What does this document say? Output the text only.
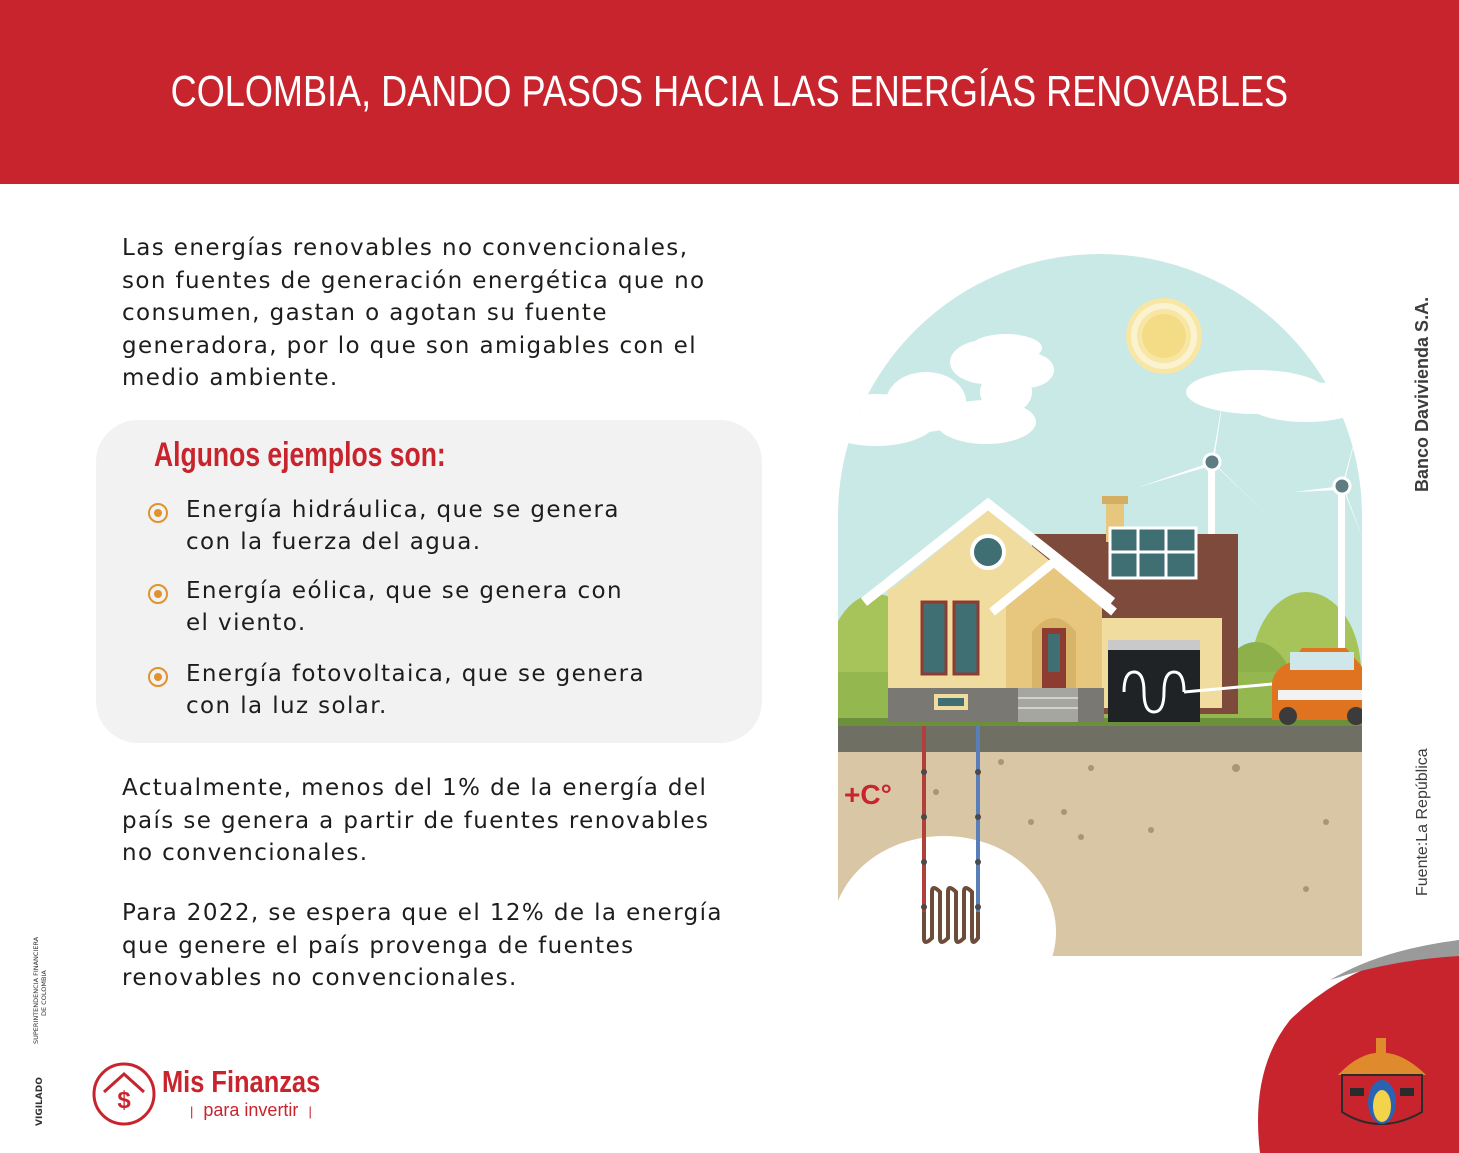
COLOMBIA, DANDO PASOS HACIA LAS ENERGÍAS RENOVABLES

Las energías renovables no convencionales,
son fuentes de generación energética que no
consumen, gastan o agotan su fuente
generadora, por lo que son amigables con el
medio ambiente.

Algunos ejemplos son:
Energía hidráulica, que se genera
con la fuerza del agua.
Energía eólica, que se genera con
el viento.
Energía fotovoltaica, que se genera
con la luz solar.

Actualmente, menos del 1% de la energía del
país se genera a partir de fuentes renovables
no convencionales.

Para 2022, se espera que el 12% de la energía
que genere el país provenga de fuentes
renovables no convencionales.

+C°
Banco Davivienda S.A.
Fuente:La República
VIGILADO
SUPERINTENDENCIA FINANCIERA DE COLOMBIA
$
Mis Finanzas
| para invertir |
